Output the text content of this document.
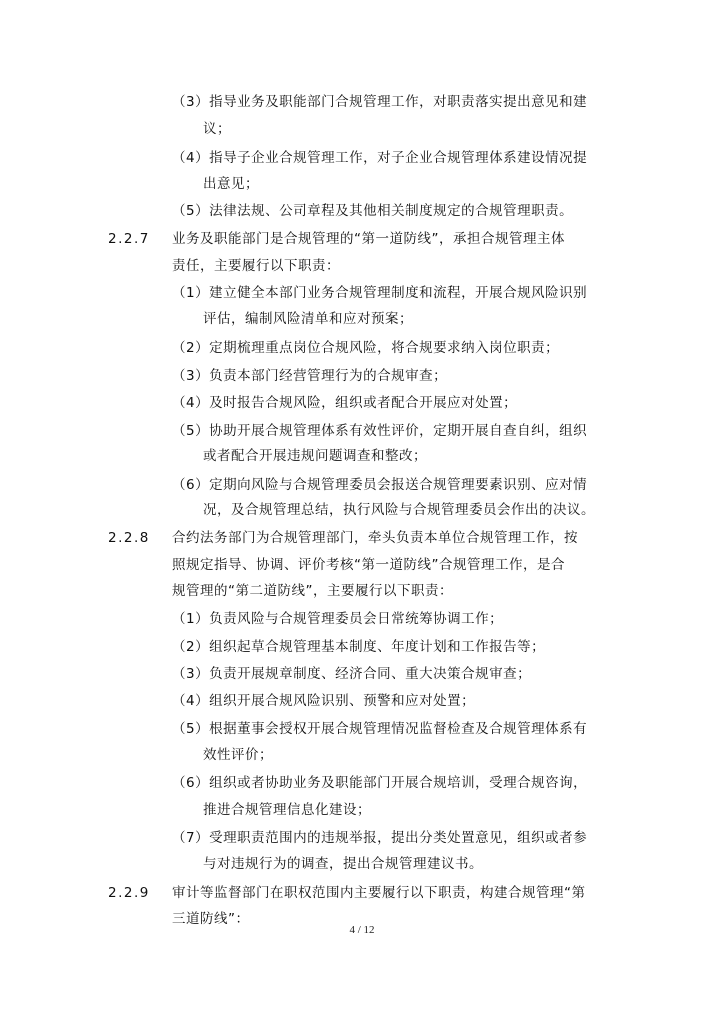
（3）指导业务及职能部门合规管理工作，对职责落实提出意见和建
议；
（4）指导子企业合规管理工作，对子企业合规管理体系建设情况提
出意见；
（5）法律法规、公司章程及其他相关制度规定的合规管理职责。
2.2.7 业务及职能部门是合规管理的“第一道防线”，承担合规管理主体
责任，主要履行以下职责：
（1）建立健全本部门业务合规管理制度和流程，开展合规风险识别
评估，编制风险清单和应对预案；
（2）定期梳理重点岗位合规风险，将合规要求纳入岗位职责；
（3）负责本部门经营管理行为的合规审查；
（4）及时报告合规风险，组织或者配合开展应对处置；
（5）协助开展合规管理体系有效性评价，定期开展自查自纠，组织
或者配合开展违规问题调查和整改；
（6）定期向风险与合规管理委员会报送合规管理要素识别、应对情
况，及合规管理总结，执行风险与合规管理委员会作出的决议。
2.2.8 合约法务部门为合规管理部门，牵头负责本单位合规管理工作，按
照规定指导、协调、评价考核“第一道防线”合规管理工作，是合
规管理的“第二道防线”，主要履行以下职责：
（1）负责风险与合规管理委员会日常统筹协调工作；
（2）组织起草合规管理基本制度、年度计划和工作报告等；
（3）负责开展规章制度、经济合同、重大决策合规审查；
（4）组织开展合规风险识别、预警和应对处置；
（5）根据董事会授权开展合规管理情况监督检查及合规管理体系有
效性评价；
（6）组织或者协助业务及职能部门开展合规培训，受理合规咨询，
推进合规管理信息化建设；
（7）受理职责范围内的违规举报，提出分类处置意见，组织或者参
与对违规行为的调查，提出合规管理建议书。
2.2.9 审计等监督部门在职权范围内主要履行以下职责，构建合规管理“第
三道防线”：
4 / 12
